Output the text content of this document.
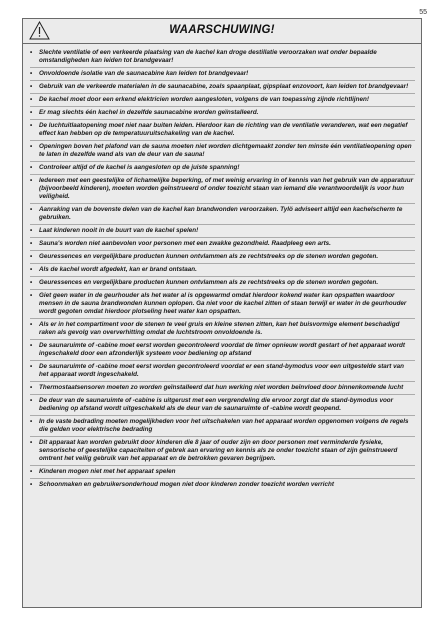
55
WAARSCHUWING!
• Slechte ventilatie of een verkeerde plaatsing van de kachel kan droge destillatie veroorzaken wat onder bepaalde omstandigheden kan leiden tot brandgevaar!
• Onvoldoende isolatie van de saunacabine kan leiden tot brandgevaar!
• Gebruik van de verkeerde materialen in de saunacabine, zoals spaanplaat, gipsplaat enzovoort, kan leiden tot brandgevaar!
• De kachel moet door een erkend elektricien worden aangesloten, volgens de van toepassing zijnde richtlijnen!
• Er mag slechts één kachel in dezelfde saunacabine worden geïnstalleerd.
• De luchtuitlaatopening moet niet naar buiten leiden. Hierdoor kan de richting van de ventilatie veranderen, wat een negatief effect kan hebben op de temperatuuruitschakeling van de kachel.
• Openingen boven het plafond van de sauna moeten niet worden dichtgemaakt zonder ten minste één ventilatieopening open te laten in dezelfde wand als van de deur van de sauna!
• Controleer altijd of de kachel is aangesloten op de juiste spanning!
• Iedereen met een geestelijke of lichamelijke beperking, of met weinig ervaring in of kennis van het gebruik van de apparatuur (bijvoorbeeld kinderen), moeten worden geïnstrueerd of onder toezicht staan van iemand die verantwoordelijk is voor hun veiligheid.
• Aanraking van de bovenste delen van de kachel kan brandwonden veroorzaken. Tylö adviseert altijd een kachelscherm te gebruiken.
• Laat kinderen nooit in de buurt van de kachel spelen!
• Sauna's worden niet aanbevolen voor personen met een zwakke gezondheid. Raadpleeg een arts.
• Geuressences en vergelijkbare producten kunnen ontvlammen als ze rechtstreeks op de stenen worden gegoten.
• Als de kachel wordt afgedekt, kan er brand ontstaan.
• Geuressences en vergelijkbare producten kunnen ontvlammen als ze rechtstreeks op de stenen worden gegoten.
• Giet geen water in de geurhouder als het water al is opgewarmd omdat hierdoor kokend water kan opspatten waardoor mensen in de sauna brandwonden kunnen oplopen. Ga niet voor de kachel zitten of staan terwijl er water in de geurhouder wordt gegoten omdat hierdoor plotseling heet water kan opspatten.
• Als er in het compartiment voor de stenen te veel gruis en kleine stenen zitten, kan het buisvormige element beschadigd raken als gevolg van oververhitting omdat de luchtstroom onvoldoende is.
• De saunaruimte of -cabine moet eerst worden gecontroleerd voordat de timer opnieuw wordt gestart of het apparaat wordt ingeschakeld door een afzonderlijk systeem voor bediening op afstand
• De saunaruimte of -cabine moet eerst worden gecontroleerd voordat er een stand-bymodus voor een uitgestelde start van het apparaat wordt ingeschakeld.
• Thermostaatsensoren moeten zo worden geïnstalleerd dat hun werking niet worden beïnvloed door binnenkomende lucht
• De deur van de saunaruimte of -cabine is uitgerust met een vergrendeling die ervoor zorgt dat de stand-bymodus voor bediening op afstand wordt uitgeschakeld als de deur van de saunaruimte of -cabine wordt geopend.
• In de vaste bedrading moeten mogelijkheden voor het uitschakelen van het apparaat worden opgenomen volgens de regels die gelden voor elektrische bedrading
• Dit apparaat kan worden gebruikt door kinderen die 8 jaar of ouder zijn en door personen met verminderde fysieke, sensorische of geestelijke capaciteiten of gebrek aan ervaring en kennis als ze onder toezicht staan of zijn geïnstrueerd omtrent het veilig gebruik van het apparaat en de betrokken gevaren begrijpen.
• Kinderen mogen niet met het apparaat spelen
• Schoonmaken en gebruikersonderhoud mogen niet door kinderen zonder toezicht worden verricht
